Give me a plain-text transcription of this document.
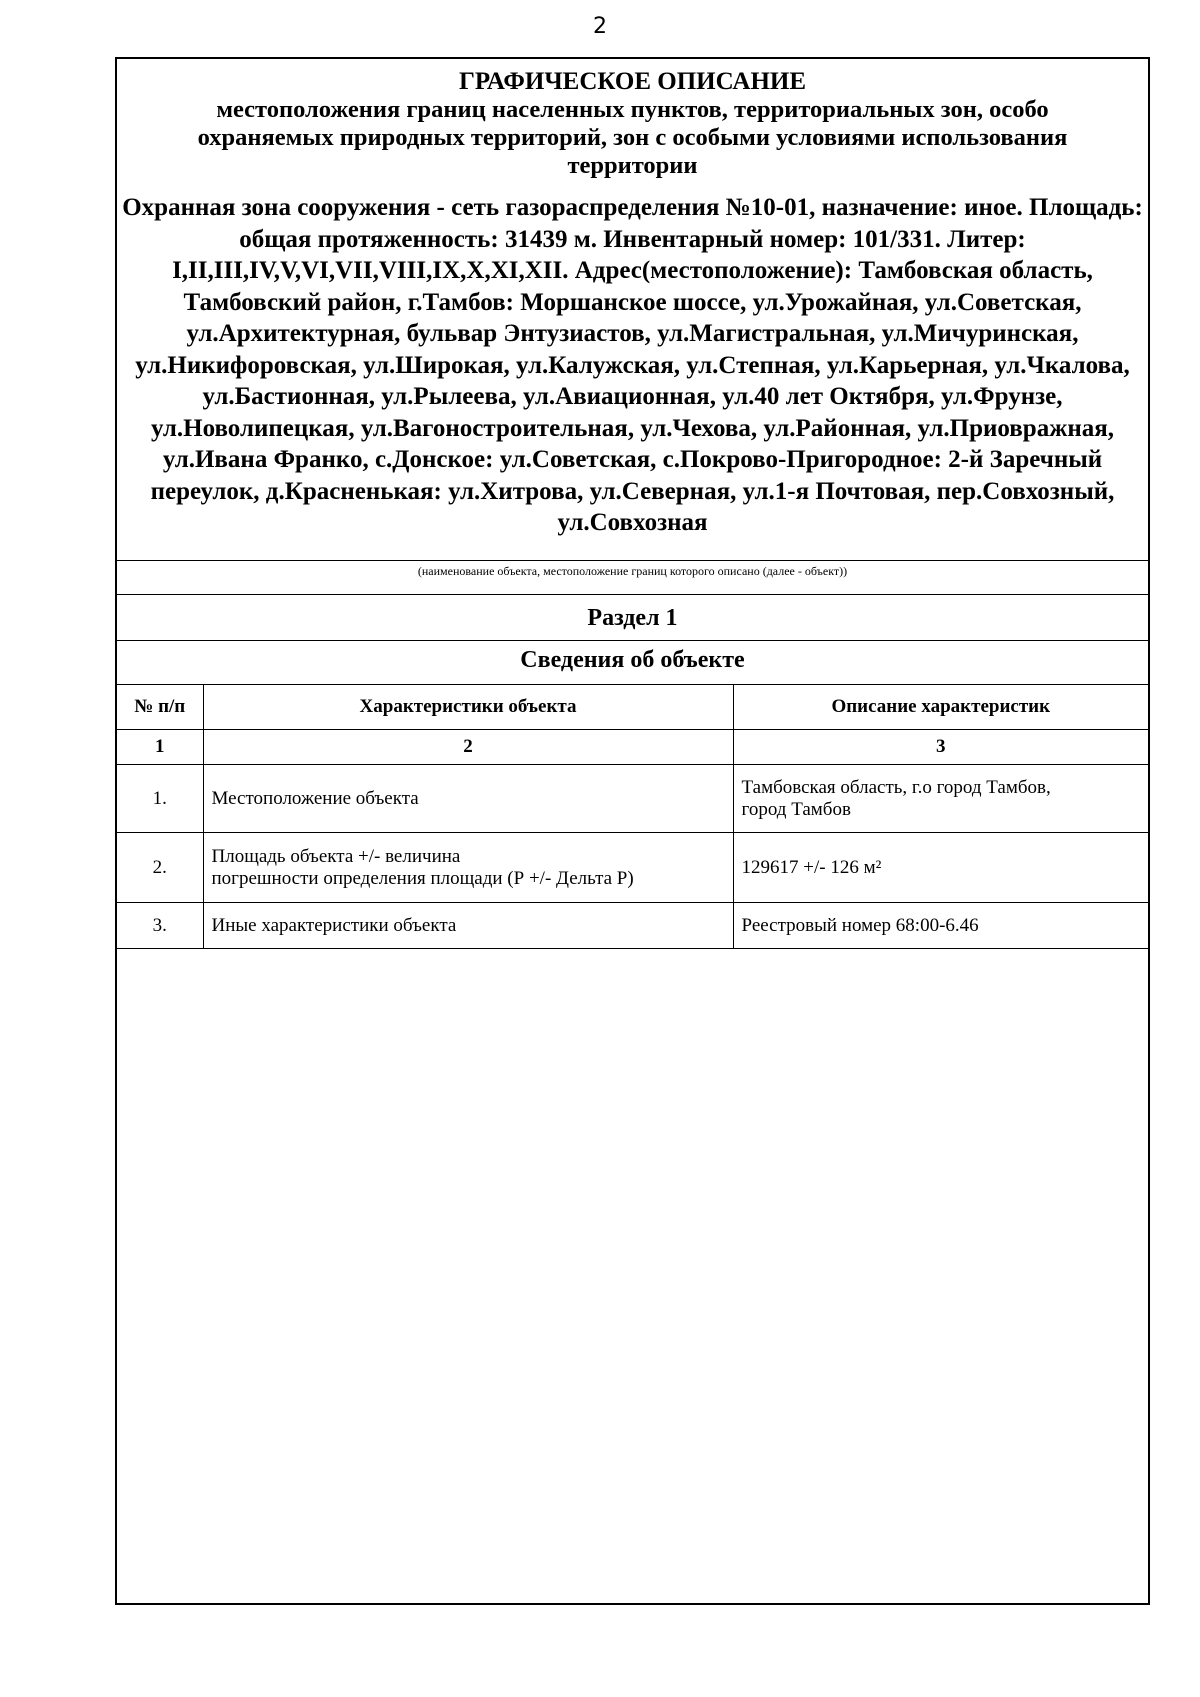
2
ГРАФИЧЕСКОЕ ОПИСАНИЕ
местоположения границ населенных пунктов, территориальных зон, особо охраняемых природных территорий, зон с особыми условиями использования территории
Охранная зона сооружения - сеть газораспределения №10-01, назначение: иное. Площадь: общая протяженность: 31439 м. Инвентарный номер: 101/331. Литер: I,II,III,IV,V,VI,VII,VIII,IX,X,XI,XII. Адрес(местоположение): Тамбовская область, Тамбовский район, г.Тамбов: Моршанское шоссе, ул.Урожайная, ул.Советская, ул.Архитектурная, бульвар Энтузиастов, ул.Магистральная, ул.Мичуринская, ул.Никифоровская, ул.Широкая, ул.Калужская, ул.Степная, ул.Карьерная, ул.Чкалова, ул.Бастионная, ул.Рылеева, ул.Авиационная, ул.40 лет Октября, ул.Фрунзе, ул.Новолипецкая, ул.Вагоностроительная, ул.Чехова, ул.Районная, ул.Приовражная, ул.Ивана Франко, с.Донское: ул.Советская, с.Покрово-Пригородное: 2-й Заречный переулок, д.Красненькая: ул.Хитрова, ул.Северная, ул.1-я Почтовая, пер.Совхозный, ул.Совхозная
(наименование объекта, местоположение границ которого описано (далее - объект))
Раздел 1
Сведения об объекте
№ п/п	Характеристики объекта	Описание характеристик
1	2	3
1.	Местоположение объекта	Тамбовская область, г.о город Тамбов,
город Тамбов
2.	Площадь объекта +/- величина
погрешности определения площади (Р +/- Дельта Р)	129617 +/- 126 м²
3.	Иные характеристики объекта	Реестровый номер 68:00-6.46
